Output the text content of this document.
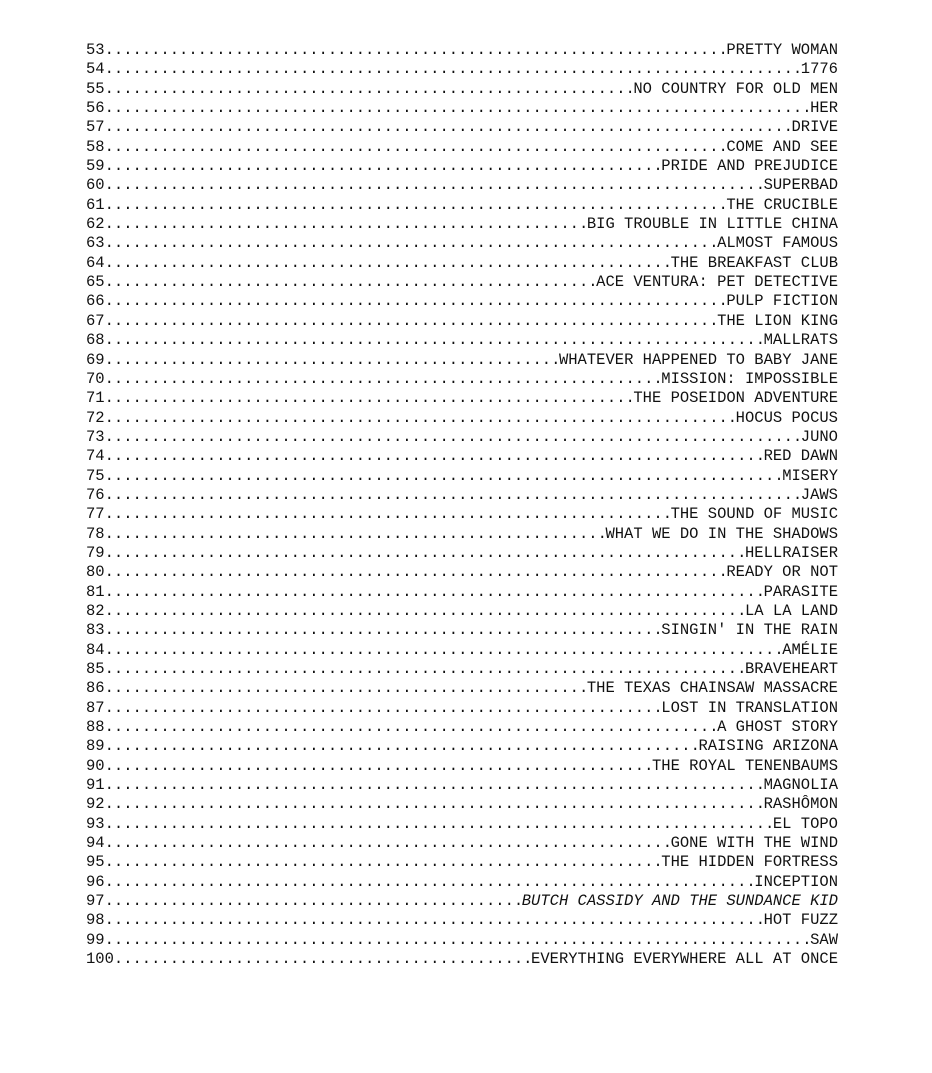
53 .....	PRETTY WOMAN
54 .....	1776
55 .....	NO COUNTRY FOR OLD MEN
56 .....	HER
57 .....	DRIVE
58 .....	COME AND SEE
59 .....	PRIDE AND PREJUDICE
60 .....	SUPERBAD
61 .....	THE CRUCIBLE
62 .....	BIG TROUBLE IN LITTLE CHINA
63 .....	ALMOST FAMOUS
64 .....	THE BREAKFAST CLUB
65 .....	ACE VENTURA: PET DETECTIVE
66 .....	PULP FICTION
67 .....	THE LION KING
68 .....	MALLRATS
69 .....	WHATEVER HAPPENED TO BABY JANE
70 .....	MISSION: IMPOSSIBLE
71 .....	THE POSEIDON ADVENTURE
72 .....	HOCUS POCUS
73 .....	JUNO
74 .....	RED DAWN
75 .....	MISERY
76 .....	JAWS
77 .....	THE SOUND OF MUSIC
78 .....	WHAT WE DO IN THE SHADOWS
79 .....	HELLRAISER
80 .....	READY OR NOT
81 .....	PARASITE
82 .....	LA LA LAND
83 .....	SINGIN' IN THE RAIN
84 .....	AMÉLIE
85 .....	BRAVEHEART
86 .....	THE TEXAS CHAINSAW MASSACRE
87 .....	LOST IN TRANSLATION
88 .....	A GHOST STORY
89 .....	RAISING ARIZONA
90 .....	THE ROYAL TENENBAUMS
91 .....	MAGNOLIA
92 .....	RASHÔMON
93 .....	EL TOPO
94 .....	GONE WITH THE WIND
95 .....	THE HIDDEN FORTRESS
96 .....	INCEPTION
97 .....	BUTCH CASSIDY AND THE SUNDANCE KID
98 .....	HOT FUZZ
99 .....	SAW
100 .....	EVERYTHING EVERYWHERE ALL AT ONCE
